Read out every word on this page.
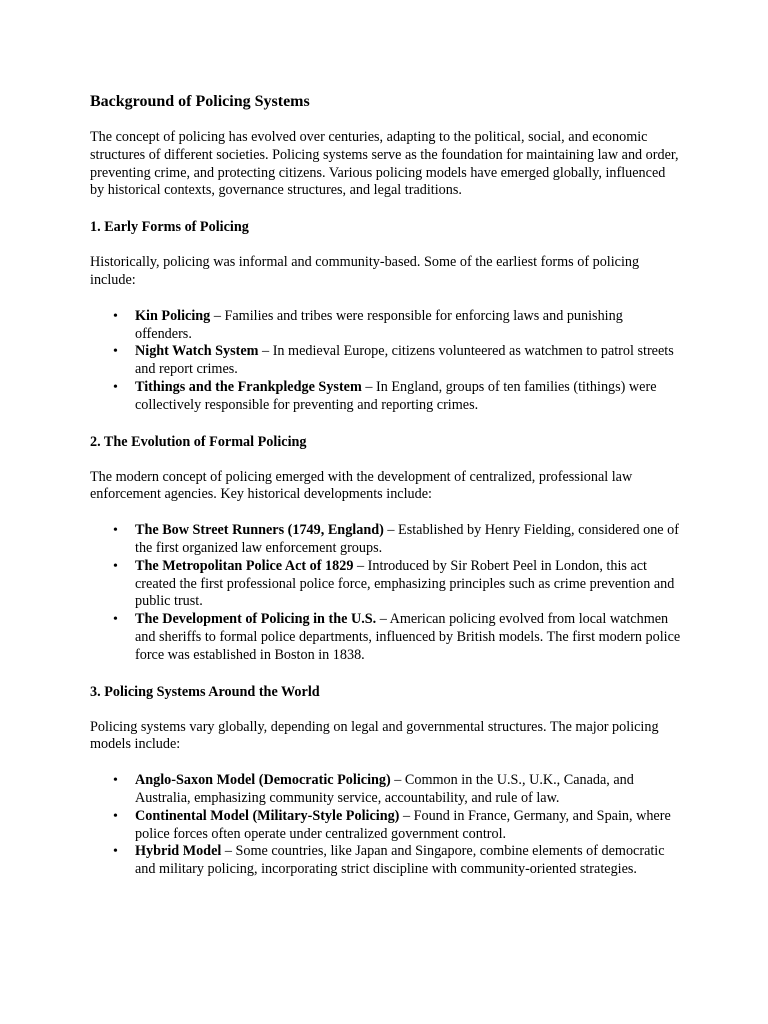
Background of Policing Systems

The concept of policing has evolved over centuries, adapting to the political, social, and economic structures of different societies. Policing systems serve as the foundation for maintaining law and order, preventing crime, and protecting citizens. Various policing models have emerged globally, influenced by historical contexts, governance structures, and legal traditions.

1. Early Forms of Policing

Historically, policing was informal and community-based. Some of the earliest forms of policing include:

• Kin Policing – Families and tribes were responsible for enforcing laws and punishing offenders.
• Night Watch System – In medieval Europe, citizens volunteered as watchmen to patrol streets and report crimes.
• Tithings and the Frankpledge System – In England, groups of ten families (tithings) were collectively responsible for preventing and reporting crimes.
2. The Evolution of Formal Policing

The modern concept of policing emerged with the development of centralized, professional law enforcement agencies. Key historical developments include:

• The Bow Street Runners (1749, England) – Established by Henry Fielding, considered one of the first organized law enforcement groups.
• The Metropolitan Police Act of 1829 – Introduced by Sir Robert Peel in London, this act created the first professional police force, emphasizing principles such as crime prevention and public trust.
• The Development of Policing in the U.S. – American policing evolved from local watchmen and sheriffs to formal police departments, influenced by British models. The first modern police force was established in Boston in 1838.
3. Policing Systems Around the World

Policing systems vary globally, depending on legal and governmental structures. The major policing models include:

• Anglo-Saxon Model (Democratic Policing) – Common in the U.S., U.K., Canada, and Australia, emphasizing community service, accountability, and rule of law.
• Continental Model (Military-Style Policing) – Found in France, Germany, and Spain, where police forces often operate under centralized government control.
• Hybrid Model – Some countries, like Japan and Singapore, combine elements of democratic and military policing, incorporating strict discipline with community-oriented strategies.
